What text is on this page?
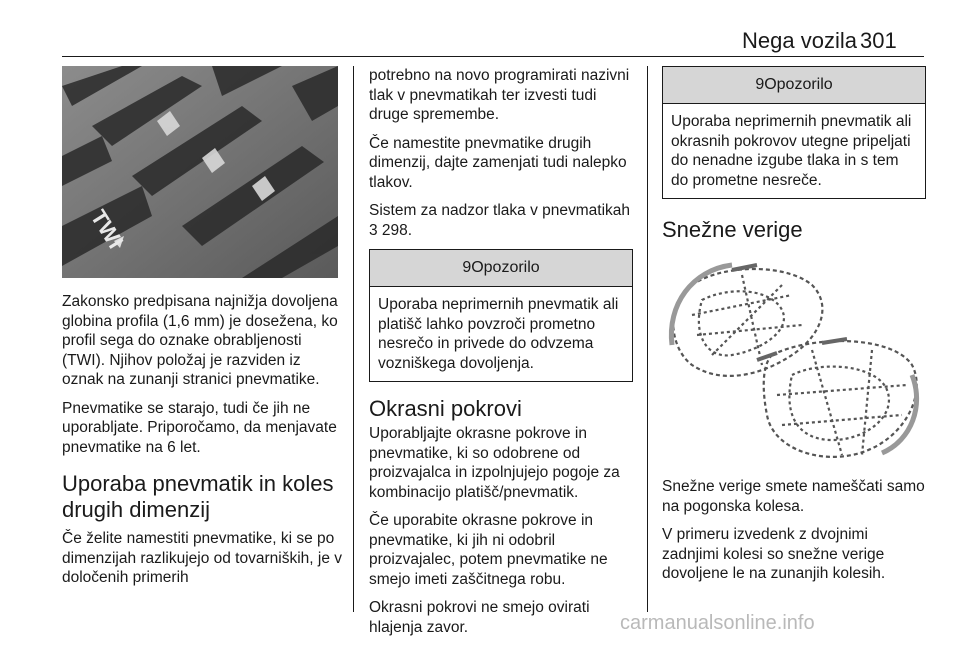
Nega vozila 301
TWI

Zakonsko predpisana najnižja dovoljena globina profila (1,6 mm) je dosežena, ko profil sega do oznake obrabljenosti (TWI). Njihov položaj je razviden iz oznak na zunanji stranici pnevmatike.

Pnevmatike se starajo, tudi če jih ne uporabljate. Priporočamo, da menjavate pnevmatike na 6 let.

Uporaba pnevmatik in koles drugih dimenzij

Če želite namestiti pnevmatike, ki se po dimenzijah razlikujejo od tovarniških, je v določenih primerih

potrebno na novo programirati nazivni tlak v pnevmatikah ter izvesti tudi druge spremembe.

Če namestite pnevmatike drugih dimenzij, dajte zamenjati tudi nalepko tlakov.

Sistem za nadzor tlaka v pnevmatikah 3 298.

9Opozorilo
Uporaba neprimernih pnevmatik ali platišč lahko povzroči prometno nesrečo in privede do odvzema vozniškega dovoljenja.
Okrasni pokrovi

Uporabljajte okrasne pokrove in pnevmatike, ki so odobrene od proizvajalca in izpolnjujejo pogoje za kombinacijo platišč/pnevmatik.

Če uporabite okrasne pokrove in pnevmatike, ki jih ni odobril proizvajalec, potem pnevmatike ne smejo imeti zaščitnega robu.

Okrasni pokrovi ne smejo ovirati hlajenja zavor.

9Opozorilo
Uporaba neprimernih pnevmatik ali okrasnih pokrovov utegne pripeljati do nenadne izgube tlaka in s tem do prometne nesreče.
Snežne verige

Snežne verige smete nameščati samo na pogonska kolesa.

V primeru izvedenk z dvojnimi zadnjimi kolesi so snežne verige dovoljene le na zunanjih kolesih.

carmanualsonline.info
